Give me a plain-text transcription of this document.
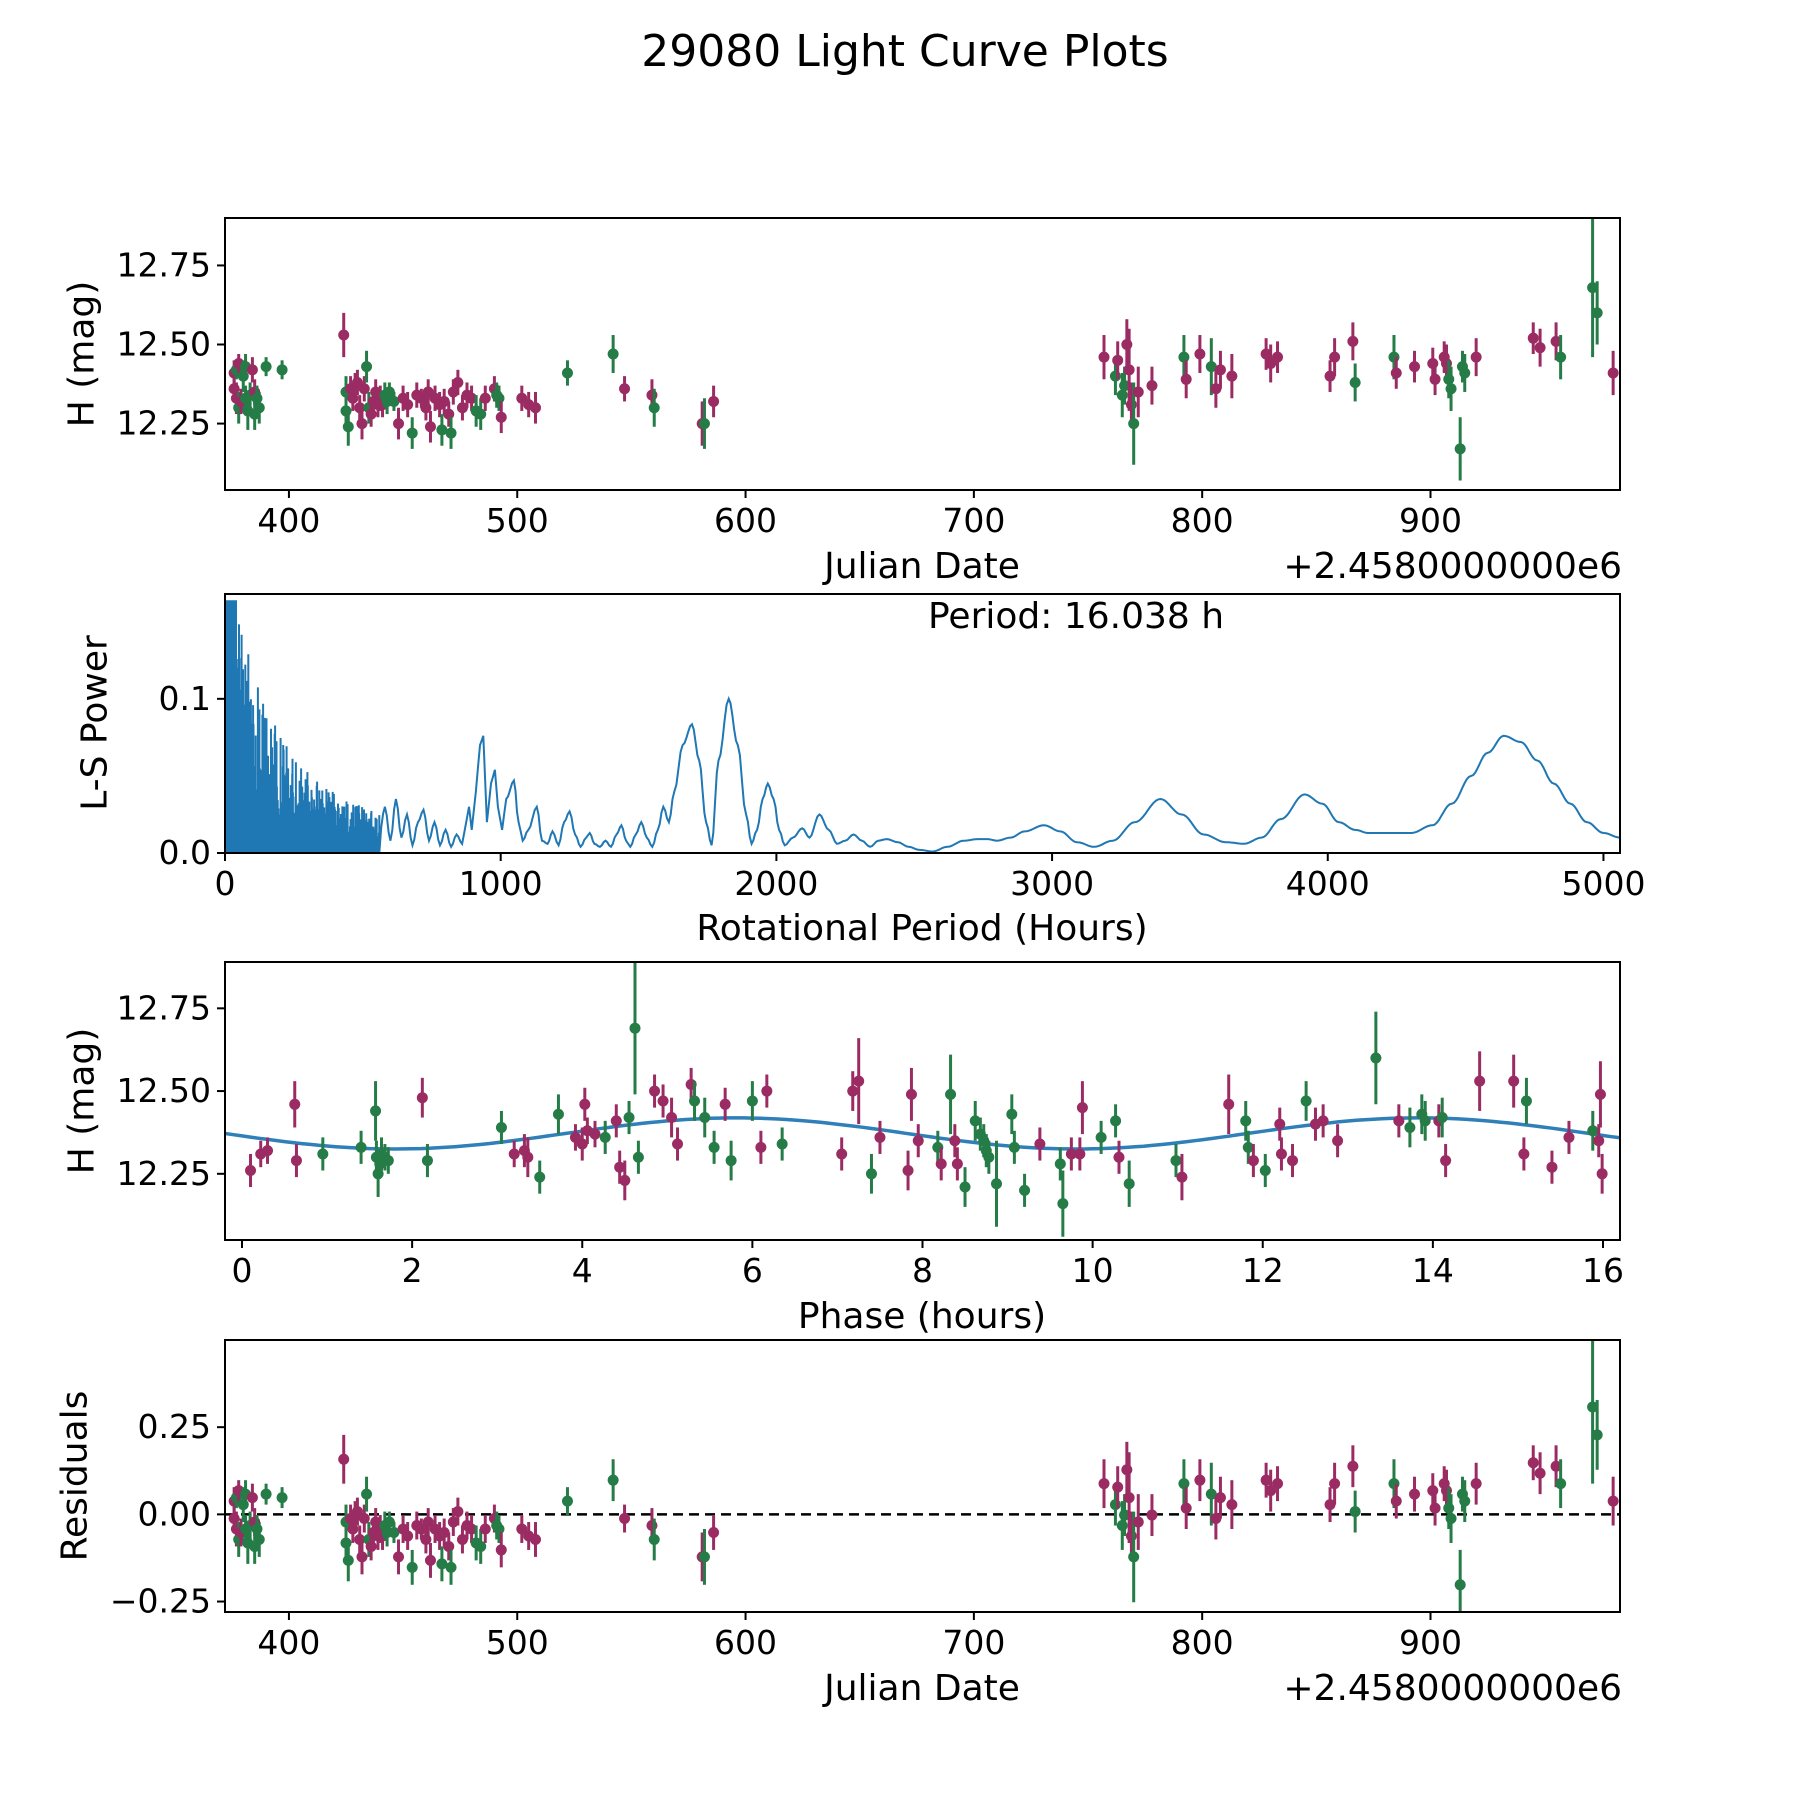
400	500	600	700	800	900
12.25
12.50
12.75
0	1000	2000	3000	4000	5000
0.0
0.1
0	2	4	6	8	10	12	14	16
12.25
12.50
12.75
400	500	600	700	800	900
−0.25
0.00
0.25
29080 Light Curve Plots
H (mag)
Julian Date	+2.4580000000e6
L-S Power
Rotational Period (Hours)
Period: 16.038 h
H (mag)
Phase (hours)
Residuals
Julian Date	+2.4580000000e6
